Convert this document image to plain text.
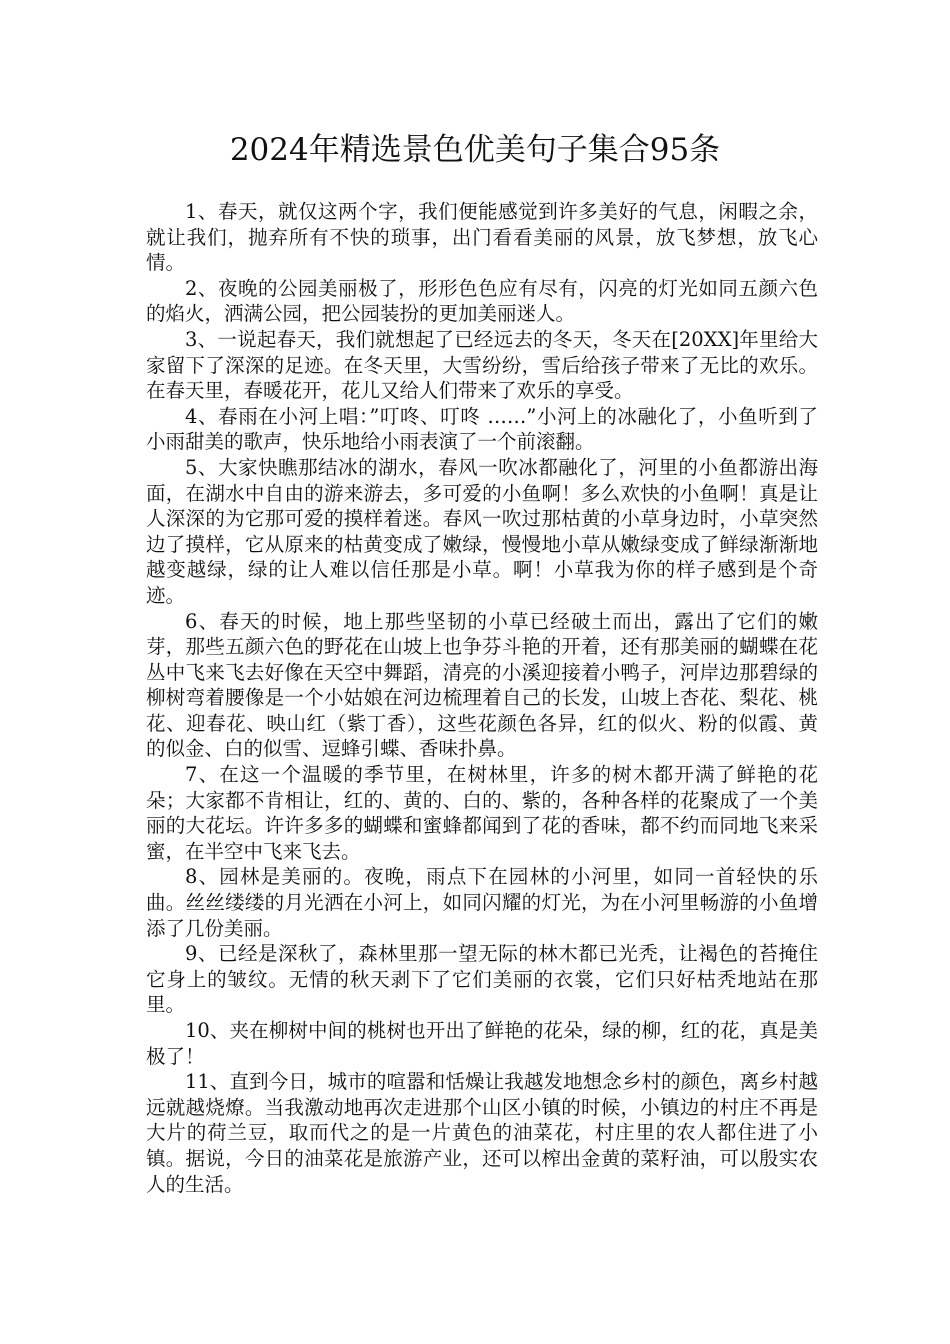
2024年精选景色优美句子集合95条

1、春天，就仅这两个字，我们便能感觉到许多美好的气息，闲暇之余，就让我们，抛弃所有不快的琐事，出门看看美丽的风景，放飞梦想，放飞心情。

2、夜晚的公园美丽极了，形形色色应有尽有，闪亮的灯光如同五颜六色的焰火，洒满公园，把公园装扮的更加美丽迷人。

3、一说起春天，我们就想起了已经远去的冬天，冬天在[20XX]年里给大家留下了深深的足迹。在冬天里，大雪纷纷，雪后给孩子带来了无比的欢乐。在春天里，春暖花开，花儿又给人们带来了欢乐的享受。

4、春雨在小河上唱：”叮咚、叮咚 ……”小河上的冰融化了，小鱼听到了小雨甜美的歌声，快乐地给小雨表演了一个前滚翻。

5、大家快瞧那结冰的湖水，春风一吹冰都融化了，河里的小鱼都游出海面，在湖水中自由的游来游去，多可爱的小鱼啊！多么欢快的小鱼啊！真是让人深深的为它那可爱的摸样着迷。春风一吹过那枯黄的小草身边时，小草突然边了摸样，它从原来的枯黄变成了嫩绿，慢慢地小草从嫩绿变成了鲜绿渐渐地越变越绿，绿的让人难以信任那是小草。啊！小草我为你的样子感到是个奇迹。

6、春天的时候，地上那些坚韧的小草已经破土而出，露出了它们的嫩芽，那些五颜六色的野花在山坡上也争芬斗艳的开着，还有那美丽的蝴蝶在花丛中飞来飞去好像在天空中舞蹈，清亮的小溪迎接着小鸭子，河岸边那碧绿的柳树弯着腰像是一个小姑娘在河边梳理着自己的长发，山坡上杏花、梨花、桃花、迎春花、映山红（紫丁香），这些花颜色各异，红的似火、粉的似霞、黄的似金、白的似雪、逗蜂引蝶、香味扑鼻。

7、在这一个温暖的季节里，在树林里，许多的树木都开满了鲜艳的花朵；大家都不肯相让，红的、黄的、白的、紫的，各种各样的花聚成了一个美丽的大花坛。许许多多的蝴蝶和蜜蜂都闻到了花的香味，都不约而同地飞来采蜜，在半空中飞来飞去。

8、园林是美丽的。夜晚，雨点下在园林的小河里，如同一首轻快的乐曲。丝丝缕缕的月光洒在小河上，如同闪耀的灯光，为在小河里畅游的小鱼增添了几份美丽。

9、已经是深秋了，森林里那一望无际的林木都已光秃，让褐色的苔掩住它身上的皱纹。无情的秋天剥下了它们美丽的衣裳，它们只好枯秃地站在那里。

10、夹在柳树中间的桃树也开出了鲜艳的花朵，绿的柳，红的花，真是美极了！

11、直到今日，城市的喧嚣和恬燥让我越发地想念乡村的颜色，离乡村越远就越烧燎。当我激动地再次走进那个山区小镇的时候，小镇边的村庄不再是大片的荷兰豆，取而代之的是一片黄色的油菜花，村庄里的农人都住进了小镇。据说，今日的油菜花是旅游产业，还可以榨出金黄的菜籽油，可以殷实农人的生活。
